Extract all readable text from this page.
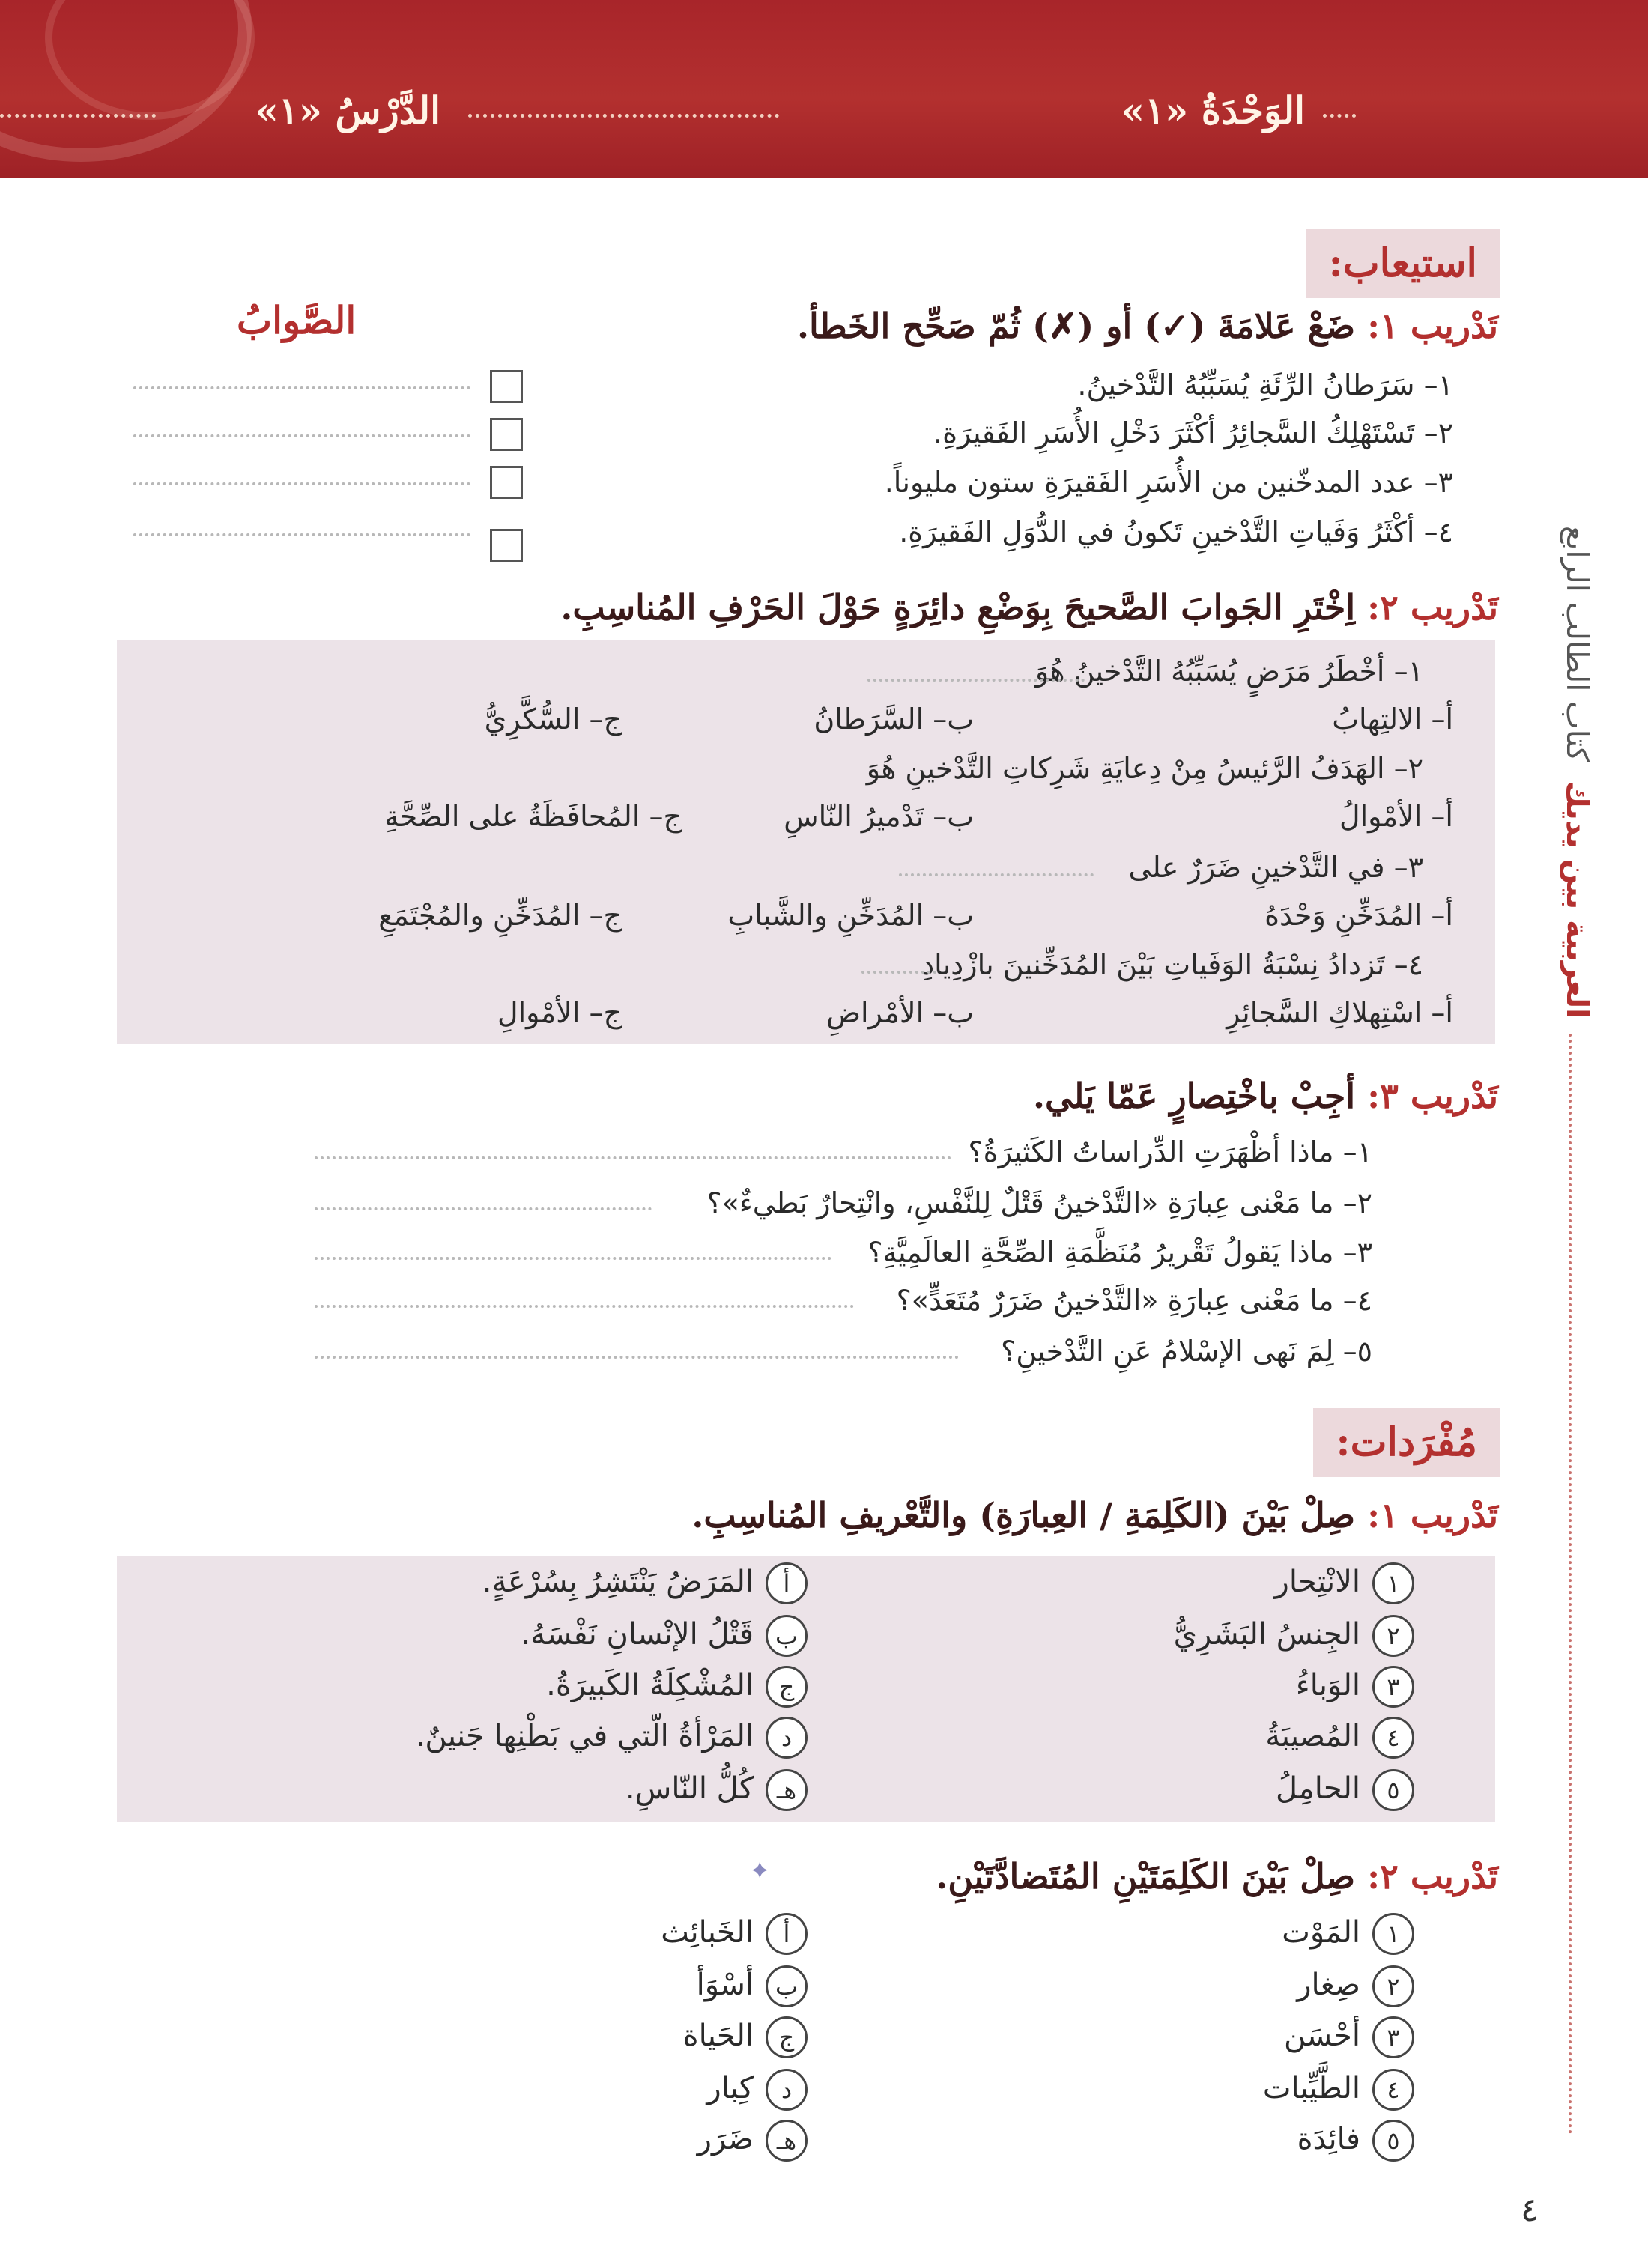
الوَحْدَةُ «١»
الدَّرْسُ «١»
العربية بين يديك  كتاب الطالب الرابع
استيعاب:
تَدْريب ١: ضَعْ عَلامَةَ (✓) أو (✗) ثُمّ صَحِّح الخَطأ.
الصَّوابُ
١– سَرَطانُ الرِّئَةِ يُسَبِّبُهُ التَّدْخينُ.
٢– تَسْتَهْلِكُ السَّجائِرُ أكْثَرَ دَخْلِ الأُسَرِ الفَقيرَةِ.
٣– عدد المدخّنين من الأُسَرِ الفَقيرَةِ ستون مليوناً.
٤– أكْثَرُ وَفَياتِ التَّدْخينِ تَكونُ في الدُّوَلِ الفَقيرَةِ.
تَدْريب ٢: اِخْتَرِ الجَوابَ الصَّحيحَ بِوَضْعِ دائِرَةٍ حَوْلَ الحَرْفِ المُناسِبِ.
١– أخْطَرُ مَرَضٍ يُسَبِّبُهُ التَّدْخينُ هُوَ
أ– الالتِهابُ
ب– السَّرَطانُ
ج– السُّكَّرِيُّ
٢– الهَدَفُ الرَّئيسُ مِنْ دِعايَةِ شَرِكاتِ التَّدْخينِ هُوَ
أ– الأمْوالُ
ب– تَدْميرُ النّاسِ
ج– المُحافَظَةُ على الصِّحَّةِ
٣– في التَّدْخينِ ضَرَرٌ على
أ– المُدَخِّنِ وَحْدَهُ
ب– المُدَخِّنِ والشَّبابِ
ج– المُدَخِّنِ والمُجْتَمَعِ
٤– تَزدادُ نِسْبَةُ الوَفَياتِ بَيْنَ المُدَخِّنينَ بازْدِيادِ
أ– اسْتِهلاكِ السَّجائِرِ
ب– الأمْراضِ
ج– الأمْوالِ
تَدْريب ٣: أجِبْ باخْتِصارٍ عَمّا يَلي.
١– ماذا أظْهَرَتِ الدِّراساتُ الكَثيرَةُ؟
٢– ما مَعْنى عِبارَةِ «التَّدْخينُ قَتْلٌ لِلنَّفْسِ، وانْتِحارٌ بَطيءٌ»؟
٣– ماذا يَقولُ تَقْريرُ مُنَظَّمَةِ الصِّحَّةِ العالَمِيَّةِ؟
٤– ما مَعْنى عِبارَةِ «التَّدْخينُ ضَرَرٌ مُتَعَدٍّ»؟
٥– لِمَ نَهى الإسْلامُ عَنِ التَّدْخينِ؟
مُفْرَدات:
تَدْريب ١: صِلْ بَيْنَ (الكَلِمَةِ / العِبارَةِ) والتَّعْريفِ المُناسِبِ.
١الانْتِحار
٢الجِنسُ البَشَرِيُّ
٣الوَباءُ
٤المُصيبَةُ
٥الحامِلُ
أالمَرَضُ يَنْتَشِرُ بِسُرْعَةٍ.
بقَتْلُ الإنْسانِ نَفْسَهُ.
جالمُشْكِلَةُ الكَبيرَةُ.
دالمَرْأةُ الّتي في بَطْنِها جَنينٌ.
هـكُلُّ النّاسِ.
✦	تَدْريب ٢: صِلْ بَيْنَ الكَلِمَتَيْنِ المُتَضادَّتَيْنِ.
١المَوْت
٢صِغار
٣أحْسَن
٤الطَّيِّبات
٥فائِدَة
أالخَبائِث
بأسْوَأ
جالحَياة
دكِبار
هـضَرَر
٤
